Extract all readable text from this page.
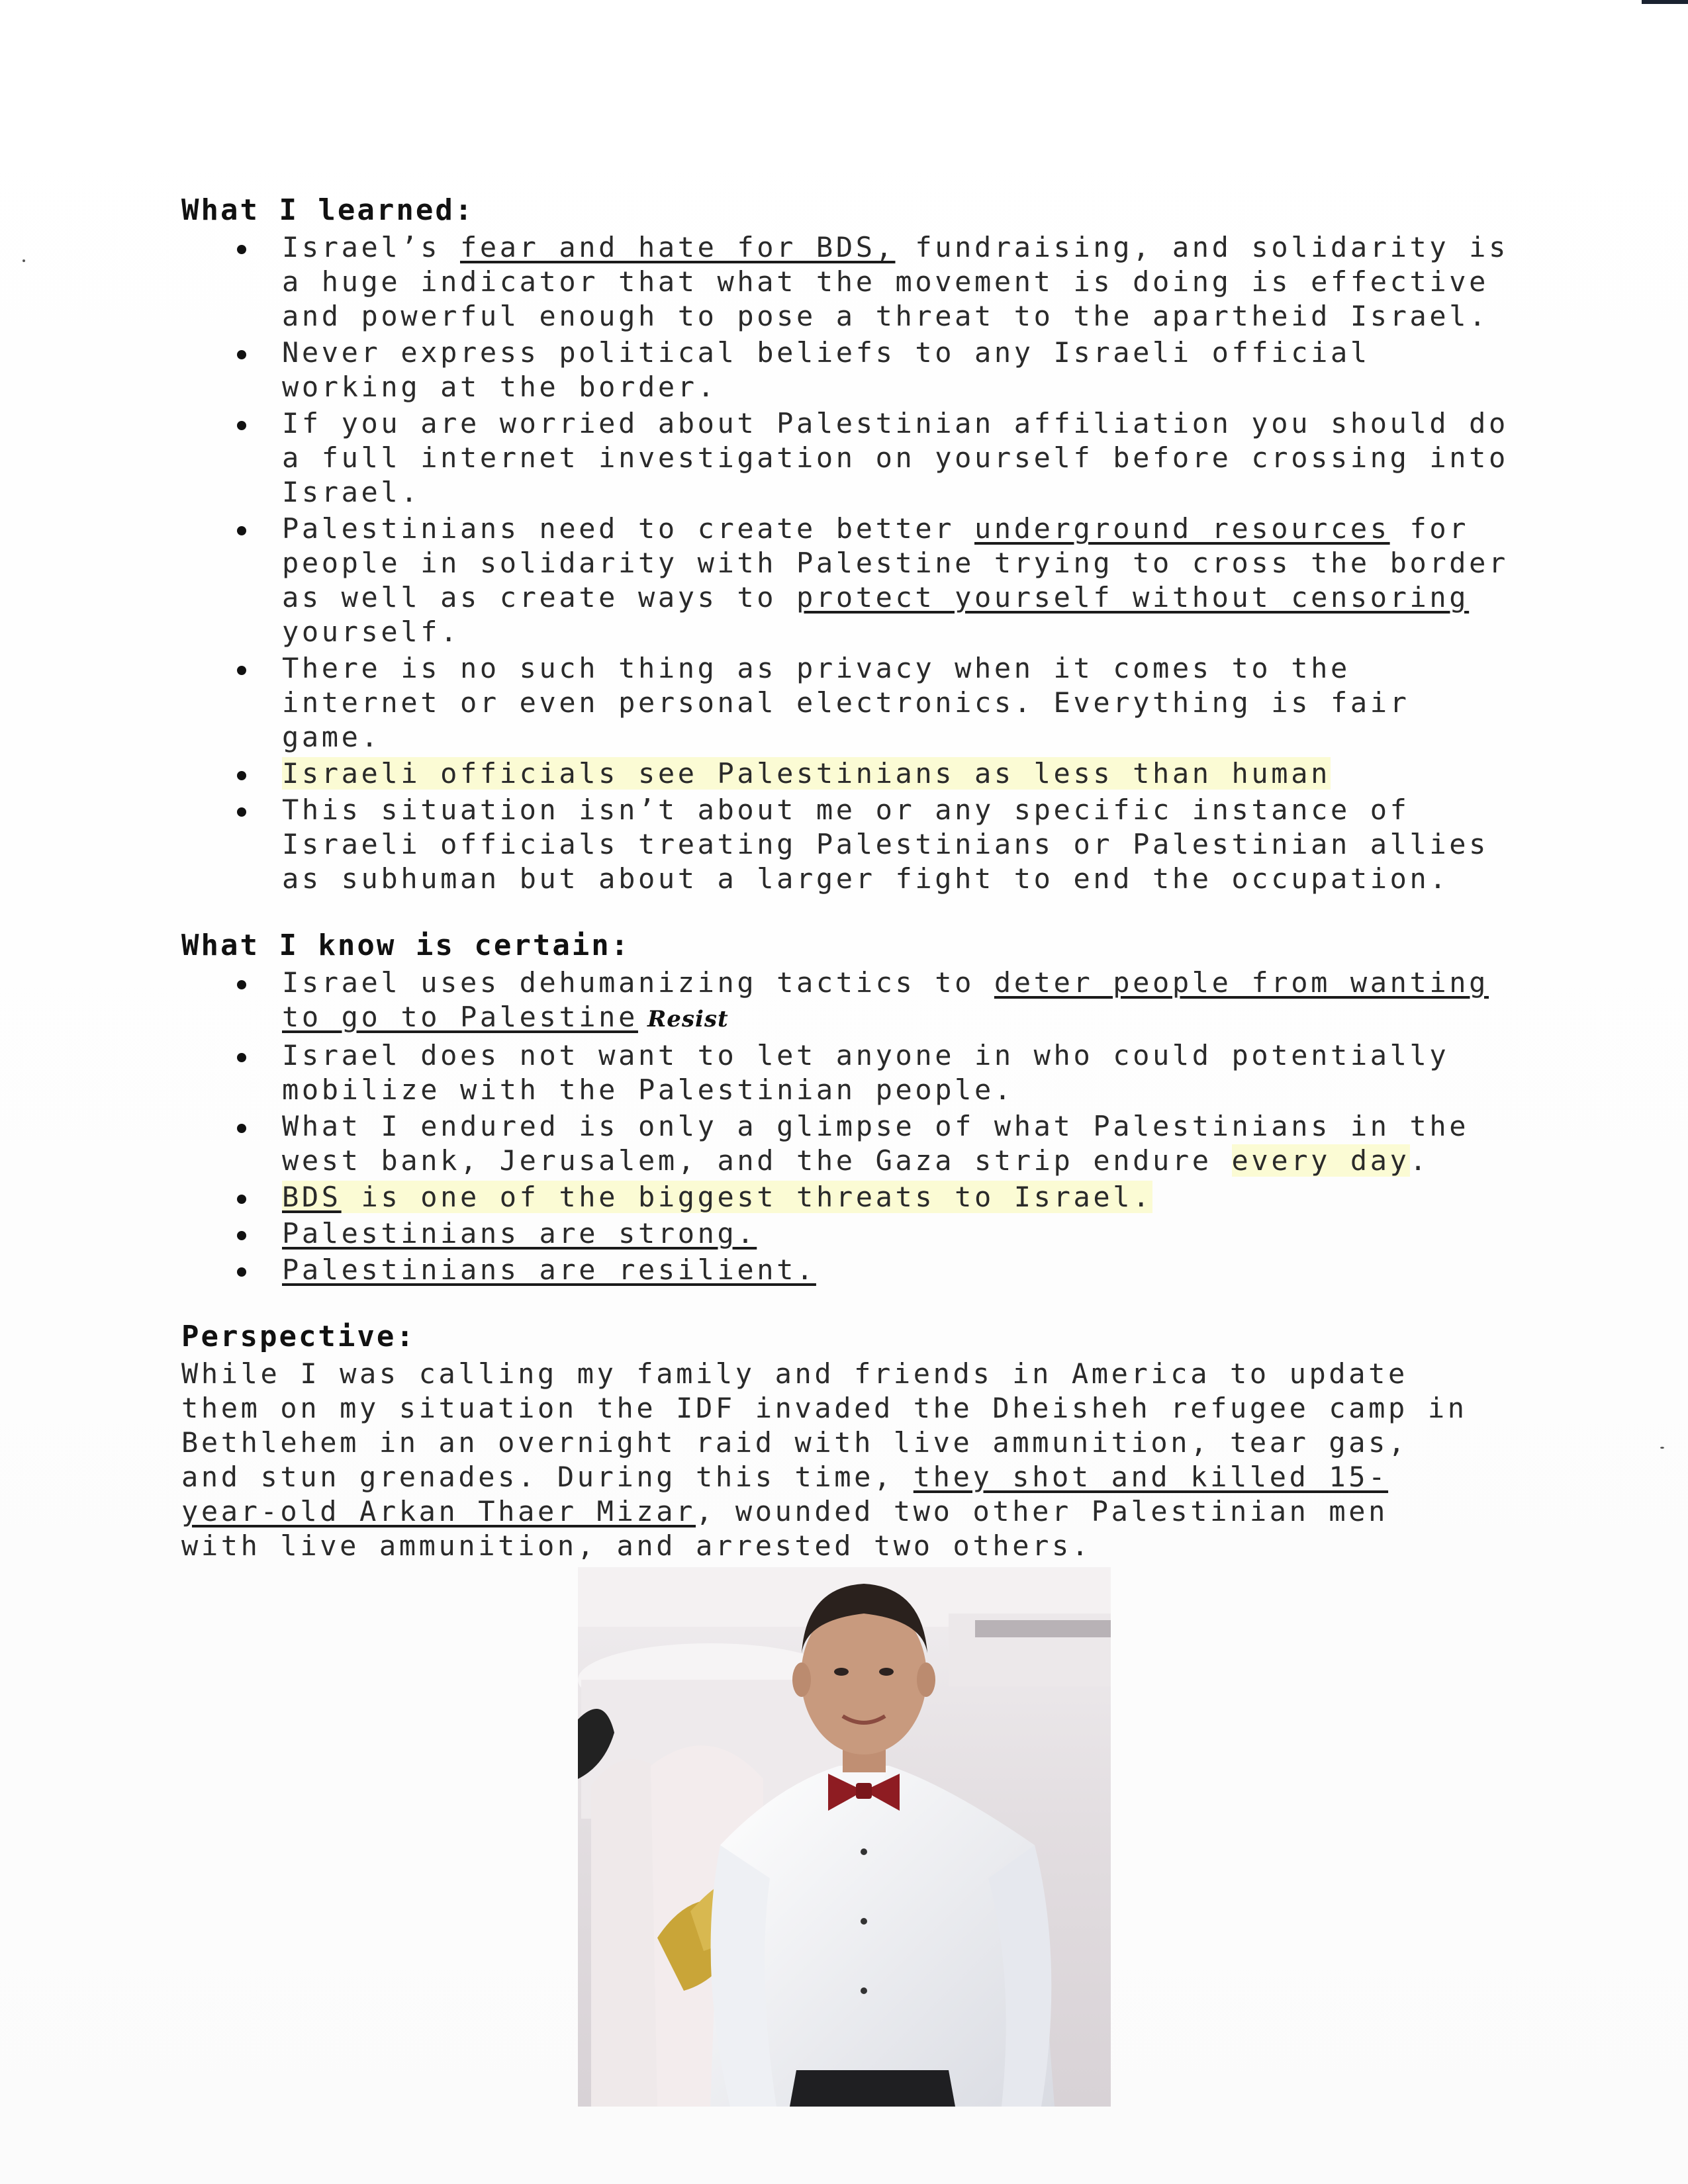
What I learned:
Israel’s fear and hate for BDS, fundraising, and solidarity is a huge indicator that what the movement is doing is effective and powerful enough to pose a threat to the apartheid Israel.
Never express political beliefs to any Israeli official working at the border.
If you are worried about Palestinian affiliation you should do a full internet investigation on yourself before crossing into Israel.
Palestinians need to create better underground resources for people in solidarity with Palestine trying to cross the border as well as create ways to protect yourself without censoring yourself.
There is no such thing as privacy when it comes to the internet or even personal electronics. Everything is fair game.
Israeli officials see Palestinians as less than human
This situation isn’t about me or any specific instance of Israeli officials treating Palestinians or Palestinian allies as subhuman but about a larger fight to end the occupation.
What I know is certain:
Israel uses dehumanizing tactics to deter people from wanting to go to Palestine Resist
Israel does not want to let anyone in who could potentially mobilize with the Palestinian people.
What I endured is only a glimpse of what Palestinians in the west bank, Jerusalem, and the Gaza strip endure every day.
BDS is one of the biggest threats to Israel.
Palestinians are strong.
Palestinians are resilient.
Perspective:

While I was calling my family and friends in America to update them on my situation the IDF invaded the Dheisheh refugee camp in Bethlehem in an overnight raid with live ammunition, tear gas, and stun grenades. During this time, they shot and killed 15-year-old Arkan Thaer Mizar, wounded two other Palestinian men with live ammunition, and arrested two others.
